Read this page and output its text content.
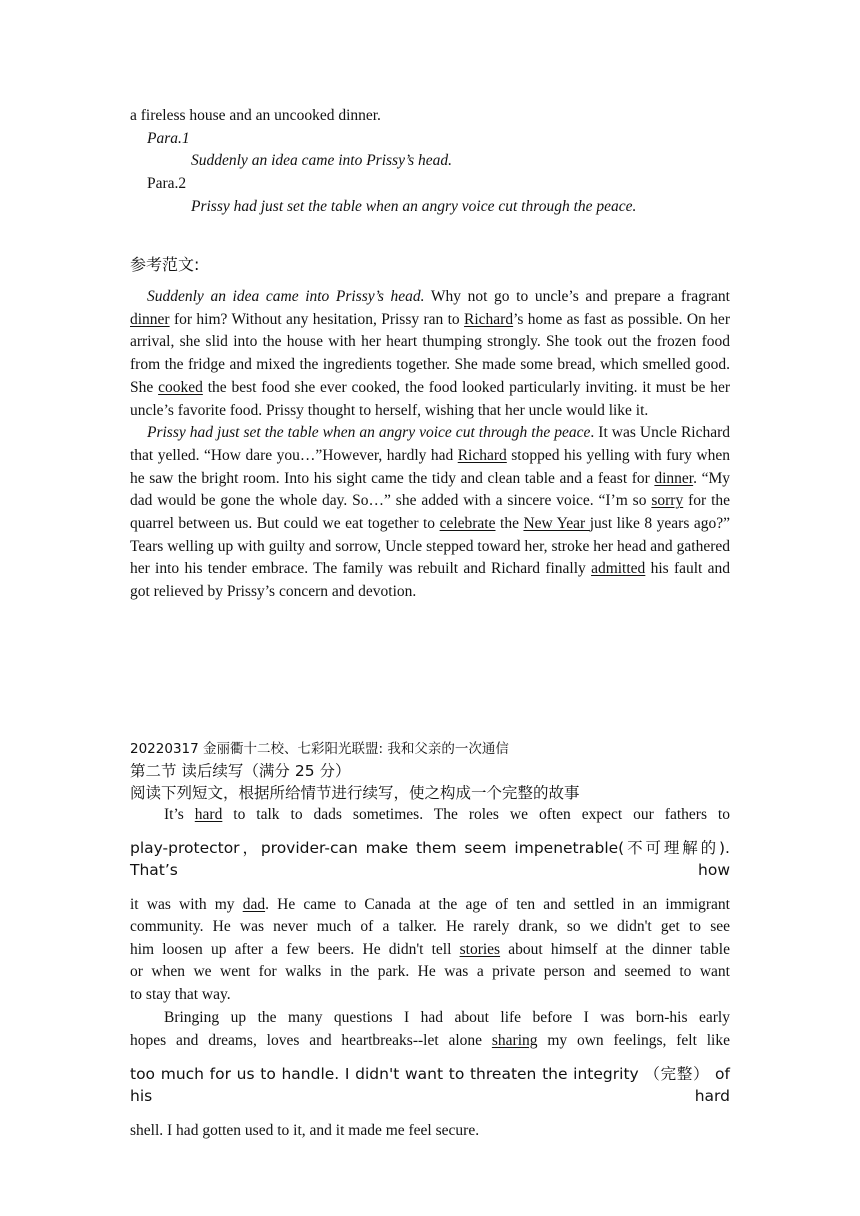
a fireless house and an uncooked dinner.
Para.1
Suddenly an idea came into Prissy’s head.
Para.2
Prissy had just set the table when an angry voice cut through the peace.
参考范文:

Suddenly an idea came into Prissy’s head. Why not go to uncle’s and prepare a fragrant dinner for him? Without any hesitation, Prissy ran to Richard’s home as fast as possible. On her arrival, she slid into the house with her heart thumping strongly. She took out the frozen food from the fridge and mixed the ingredients together. She made some bread, which smelled good. She cooked the best food she ever cooked, the food looked particularly inviting. it must be her uncle’s favorite food. Prissy thought to herself, wishing that her uncle would like it.

Prissy had just set the table when an angry voice cut through the peace. It was Uncle Richard that yelled. “How dare you…”However, hardly had Richard stopped his yelling with fury when he saw the bright room. Into his sight came the tidy and clean table and a feast for dinner. “My dad would be gone the whole day. So…” she added with a sincere voice. “I’m so sorry for the quarrel between us. But could we eat together to celebrate the New Year just like 8 years ago?” Tears welling up with guilty and sorrow, Uncle stepped toward her, stroke her head and gathered her into his tender embrace. The family was rebuilt and Richard finally admitted his fault and got relieved by Prissy’s concern and devotion.

20220317 金丽衢十二校、七彩阳光联盟: 我和父亲的一次通信
第二节 读后续写（满分 25 分）
阅读下列短文，根据所给情节进行续写，使之构成一个完整的故事
It’s hard to talk to dads sometimes. The roles we often expect our fathers to
play-protector，provider-can make them seem impenetrable(不可理解的). That’s how
it was with my dad. He came to Canada at the age of ten and settled in an immigrant
community. He was never much of a talker. He rarely drank, so we didn't get to see
him loosen up after a few beers. He didn't tell stories about himself at the dinner table
or when we went for walks in the park. He was a private person and seemed to want
to stay that way.
Bringing up the many questions I had about life before I was born-his early
hopes and dreams, loves and heartbreaks--let alone sharing my own feelings, felt like
too much for us to handle. I didn't want to threaten the integrity （完整） of his hard
shell. I had gotten used to it, and it made me feel secure.
